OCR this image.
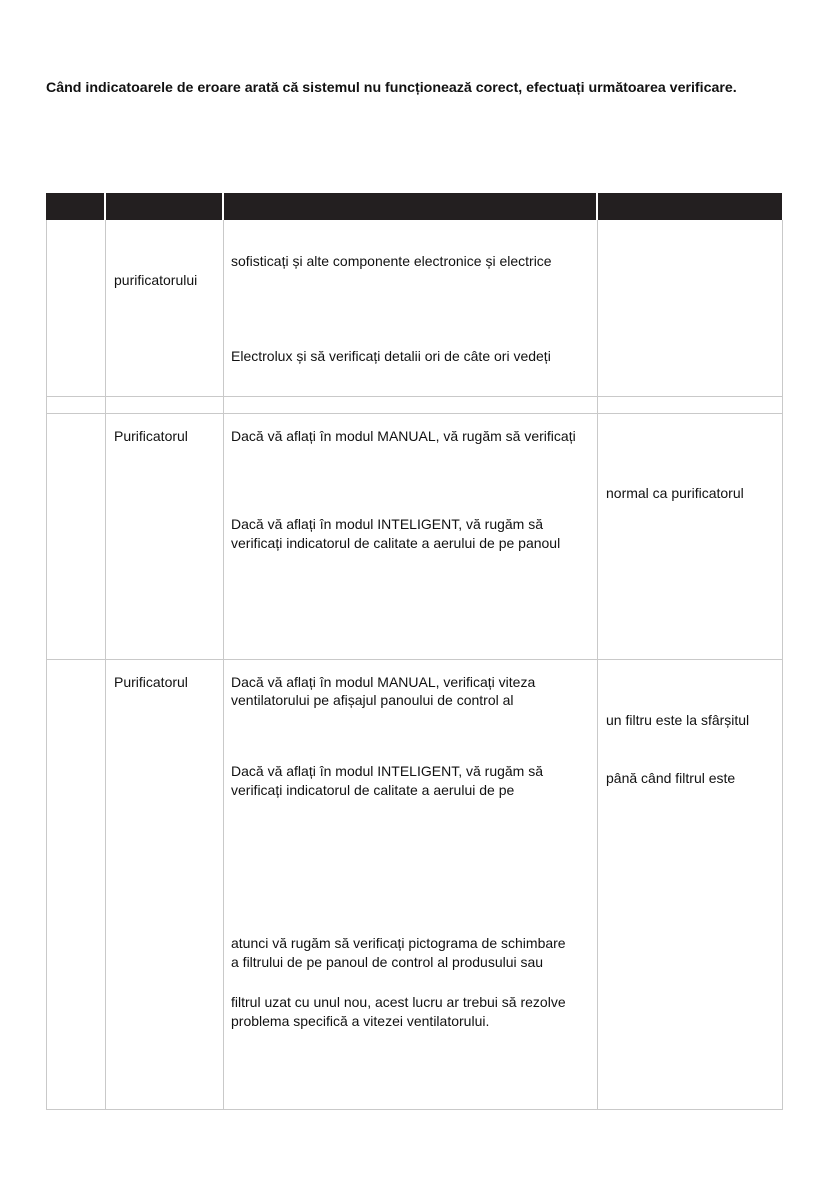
Când indicatoarele de eroare arată că sistemul nu funcționează corect, efectuați următoarea verificare.

purificatorului
sofisticați și alte componente electronice și electrice
Electrolux și să verificați detalii ori de câte ori vedeți
Purificatorul	Dacă vă aflați în modul MANUAL, vă rugăm să verificați
Dacă vă aflați în modul INTELIGENT, vă rugăm să
verificați indicatorul de calitate a aerului de pe panoul
normal ca purificatorul
Purificatorul	Dacă vă aflați în modul MANUAL, verificați viteza
ventilatorului pe afișajul panoului de control al
Dacă vă aflați în modul INTELIGENT, vă rugăm să
verificați indicatorul de calitate a aerului de pe
atunci vă rugăm să verificați pictograma de schimbare
a filtrului de pe panoul de control al produsului sau
filtrul uzat cu unul nou, acest lucru ar trebui să rezolve
problema specifică a vitezei ventilatorului.
un filtru este la sfârșitul
până când filtrul este
